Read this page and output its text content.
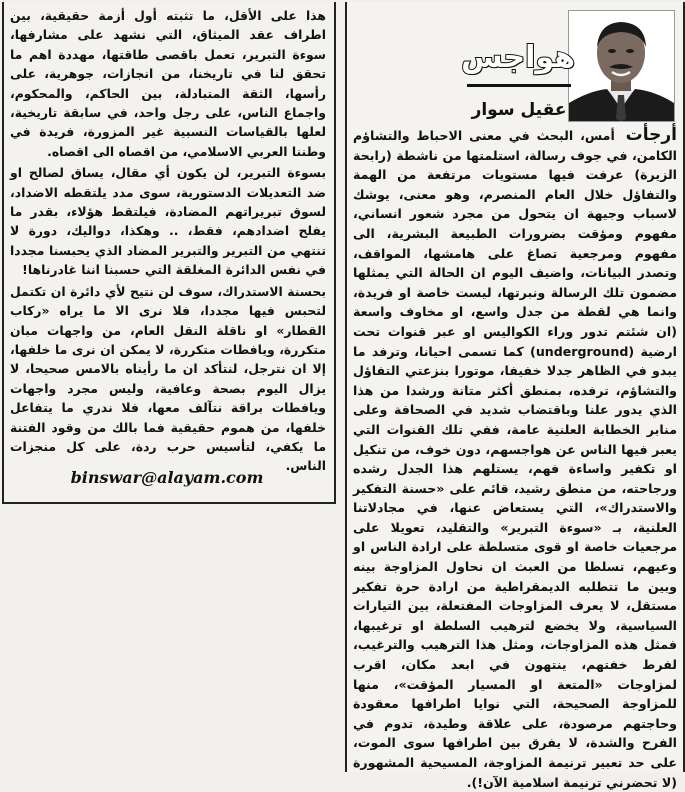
هذا على الأقل، ما تثبته أول أزمة حقيقية، بين اطراف عقد الميثاق، التي نشهد على مشارفها، سوءة التبرير، تعمل باقصى طاقتها، مهددة اهم ما تحقق لنا في تاريخنا، من انجازات، جوهرية، على رأسها، الثقة المتبادلة، بين الحاكم، والمحكوم، واجماع الناس، على رجل واحد، في سابقة تاريخية، لعلها بالقياسات النسبية غير المزورة، فريدة في وطننا العربي الاسلامي، من اقصاه الى اقصاه.

بسوءة التبرير، لن يكون أي مقال، يساق لصالح او ضد التعديلات الدستورية، سوى مدد يلتقطه الاضداد، لسوق تبريراتهم المضادة، فيلتقط هؤلاء، بقدر ما يفلح اضدادهم، فقط، .. وهكذا، دواليك، دورة لا تنتهي من التبرير والتبرير المضاد الذي يحبسنا مجددا في نفس الدائرة المغلقة التي حسبنا اننا غادرناها!

بحسنة الاستدراك، سوف لن نتيح لأي دائرة ان تكتمل لتحبس فيها مجددا، فلا نرى الا ما يراه «ركاب القطار» او ناقلة النقل العام، من واجهات مبان متكررة، ويافطات متكررة، لا يمكن ان نرى ما خلفها، إلا ان نترجل، لنتأكد ان ما رأيناه بالامس صحيحا، لا يزال اليوم بصحة وعافية، وليس مجرد واجهات ويافطات براقة نتآلف معها، فلا ندري ما يتفاعل خلفها، من هموم حقيقية فما بالك من وقود الفتنة ما يكفي، لتأسيس حرب ردة، على كل منجزات الناس.

binswar@alayam.com
هواجس
عقيل سوار
أرجأت أمس، البحث في معنى الاحباط والتشاؤم الكامن، في جوف رسالة، استلمتها من ناشطة (رابحة الزيرة) عرفت فيها مستويات مرتفعة من الهمة والتفاؤل خلال العام المنصرم، وهو معنى، يوشك لاسباب وجيهة ان يتحول من مجرد شعور انساني، مفهوم ومؤقت بضرورات الطبيعة البشرية، الى مفهوم ومرجعية تصاغ على هامشها، المواقف، وتصدر البيانات، واضيف اليوم ان الحالة التي يمثلها مضمون تلك الرسالة ونبرتها، ليست خاصة او فريدة، وانما هي لقطة من جدل واسع، او مخاوف واسعة (ان شئتم تدور وراء الكواليس او عبر قنوات تحت ارضية (underground) كما تسمى احيانا، وترفد ما يبدو في الظاهر جدلا خفيفا، موتورا بنزعتي التفاؤل والتشاؤم، ترفده، بمنطق أكثر متانة ورشدا من هذا الذي يدور علنا وباقتضاب شديد في الصحافة وعلى منابر الخطابة العلنية عامة، ففي تلك القنوات التي يعبر فيها الناس عن هواجسهم، دون خوف، من تنكيل او تكفير واساءة فهم، يستلهم هذا الجدل رشده ورجاحته، من منطق رشيد، قائم على «حسنة التفكير والاستدراك»، التي يستعاض عنها، في مجادلاتنا العلنية، بـ «سوءة التبرير» والتقليد، تعويلا على مرجعيات خاصة او قوى متسلطة على ارادة الناس او وعيهم، تسلطا من العبث ان نحاول المزاوجة بينه وبين ما تتطلبه الديمقراطية من ارادة حرة تفكير مستقل، لا يعرف المزاوجات المفتعلة، بين التيارات السياسية، ولا يخضع لترهيب السلطة او ترغيبها، فمثل هذه المزاوجات، ومثل هذا الترهيب والترغيب، لفرط خفتهم، ينتهون في ابعد مكان، اقرب لمزاوجات «المتعة او المسيار المؤقت»، منها للمزاوجة الصحيحة، التي نوايا اطرافها معقودة وحاجتهم مرصودة، على علاقة وطيدة، تدوم في الفرح والشدة، لا يفرق بين اطرافها سوى الموت، على حد تعبير ترنيمة المزاوجة، المسيحية المشهورة (لا تحضرني ترنيمة اسلامية الآن!).
